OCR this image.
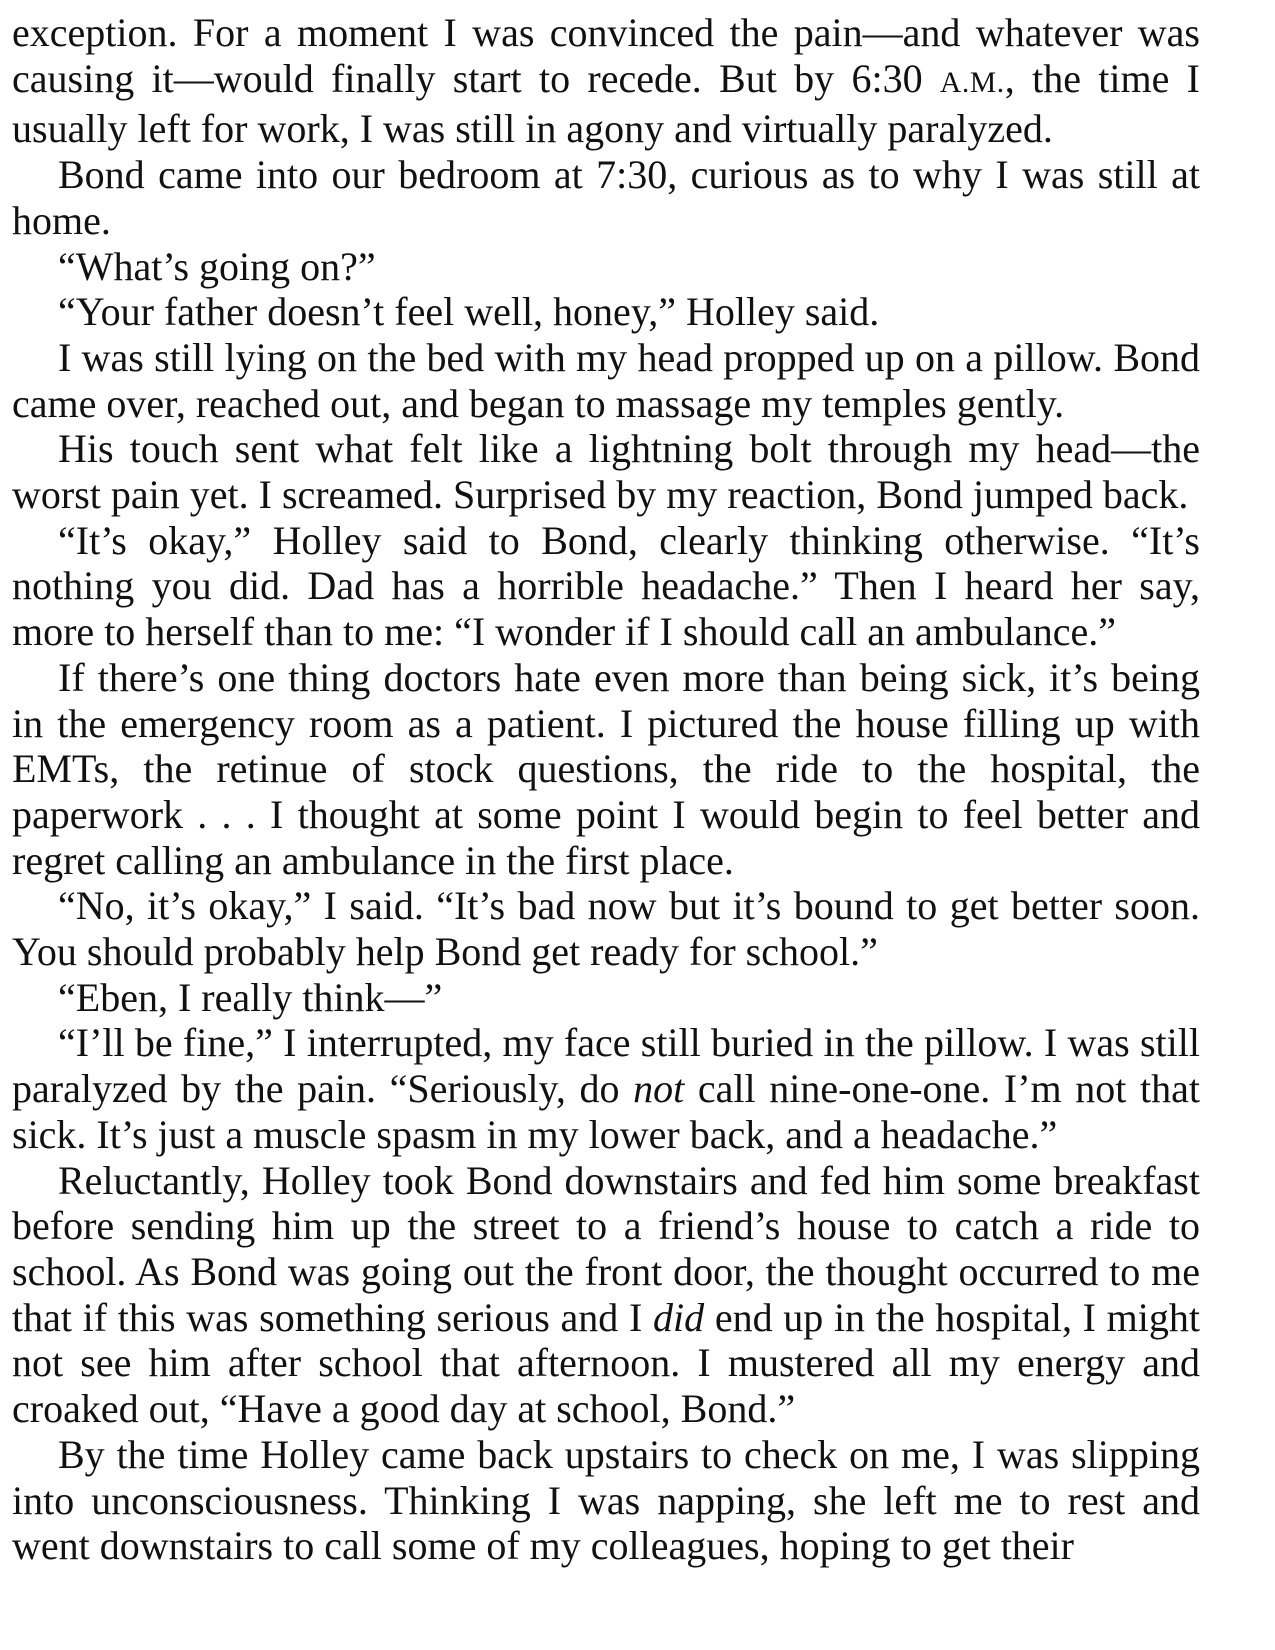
exception. For a moment I was convinced the pain—and whatever was causing it—would finally start to recede. But by 6:30 A.M., the time I usually left for work, I was still in agony and virtually paralyzed.

Bond came into our bedroom at 7:30, curious as to why I was still at home.

“What’s going on?”

“Your father doesn’t feel well, honey,” Holley said.

I was still lying on the bed with my head propped up on a pillow. Bond came over, reached out, and began to massage my temples gently.

His touch sent what felt like a lightning bolt through my head—the worst pain yet. I screamed. Surprised by my reaction, Bond jumped back.

“It’s okay,” Holley said to Bond, clearly thinking otherwise. “It’s nothing you did. Dad has a horrible headache.” Then I heard her say, more to herself than to me: “I wonder if I should call an ambulance.”

If there’s one thing doctors hate even more than being sick, it’s being in the emergency room as a patient. I pictured the house filling up with EMTs, the retinue of stock questions, the ride to the hospital, the paperwork . . . I thought at some point I would begin to feel better and regret calling an ambulance in the first place.

“No, it’s okay,” I said. “It’s bad now but it’s bound to get better soon. You should probably help Bond get ready for school.”

“Eben, I really think—”

“I’ll be fine,” I interrupted, my face still buried in the pillow. I was still paralyzed by the pain. “Seriously, do not call nine-one-one. I’m not that sick. It’s just a muscle spasm in my lower back, and a headache.”

Reluctantly, Holley took Bond downstairs and fed him some breakfast before sending him up the street to a friend’s house to catch a ride to school. As Bond was going out the front door, the thought occurred to me that if this was something serious and I did end up in the hospital, I might not see him after school that afternoon. I mustered all my energy and croaked out, “Have a good day at school, Bond.”

By the time Holley came back upstairs to check on me, I was slipping into unconsciousness. Thinking I was napping, she left me to rest and went downstairs to call some of my colleagues, hoping to get their
